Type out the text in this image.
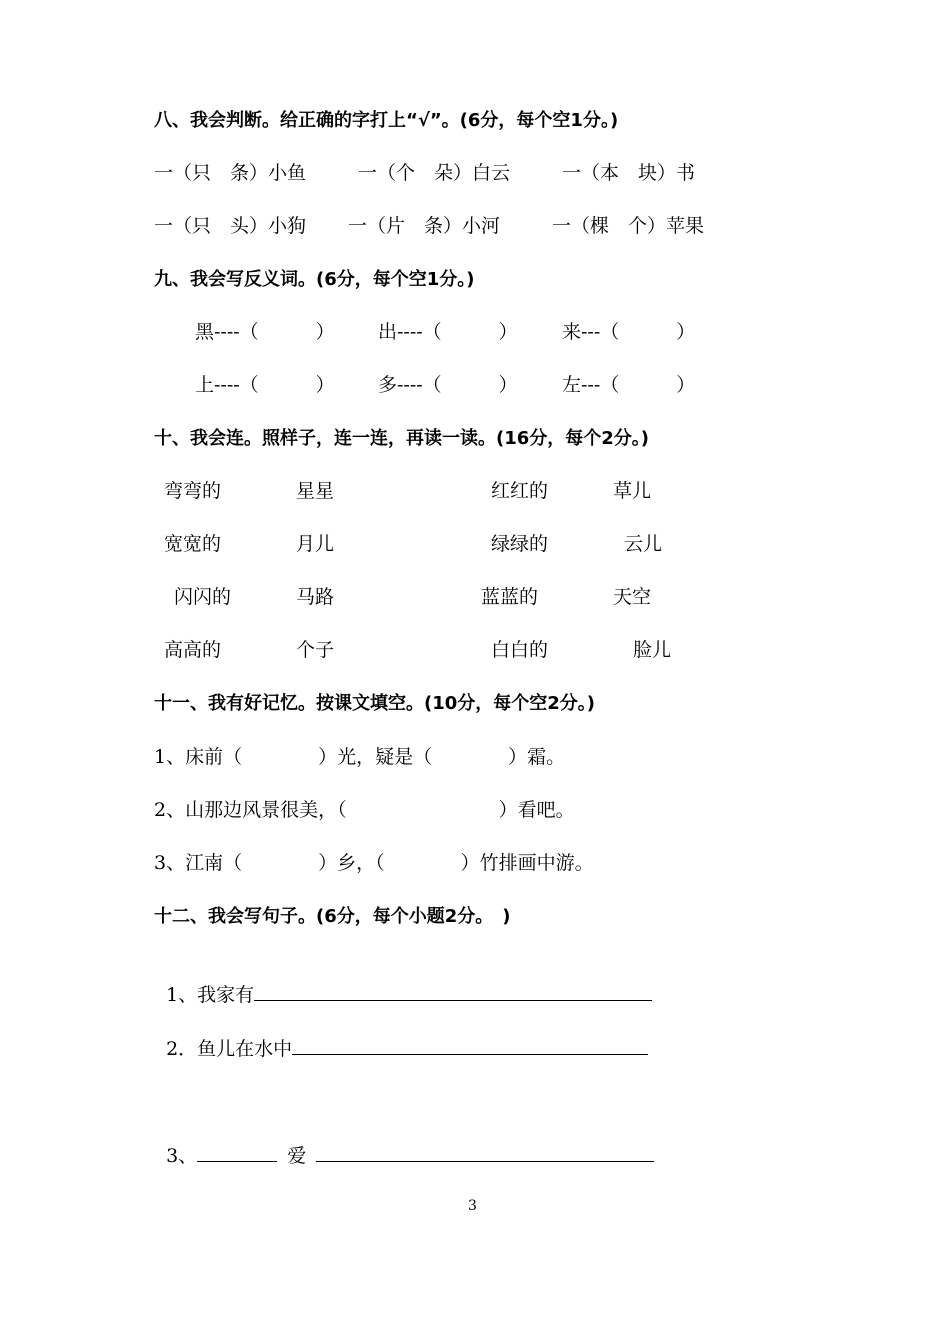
八、我会判断。给正确的字打上“√”。(6分，每个空1分。)
一（只　条）小鱼	一（个　朵）白云	一（本　块）书
一（只　头）小狗 一（片　条）小河	一（棵　个）苹果
九、我会写反义词。(6分，每个空1分。)
黑----（　　　） 出----（　　　） 来---（　　　）
上----（　　　） 多----（　　　） 左---（　　　）
十、我会连。照样子，连一连，再读一读。(16分，每个2分。)
弯弯的	星星	红红的	草儿
宽宽的	月儿	绿绿的	云儿
闪闪的	马路	蓝蓝的	天空
高高的	个子	白白的	脸儿
十一、我有好记忆。按课文填空。(10分，每个空2分。)
1、床前（　　　　）光，疑是（　　　　）霜。
2、山那边风景很美，（　　　　　　　　）看吧。
3、江南（　　　　）乡，（　　　　）竹排画中游。
十二、我会写句子。(6分，每个小题2分。　)

1、我家有

2．鱼儿在水中

3、	爱

3
